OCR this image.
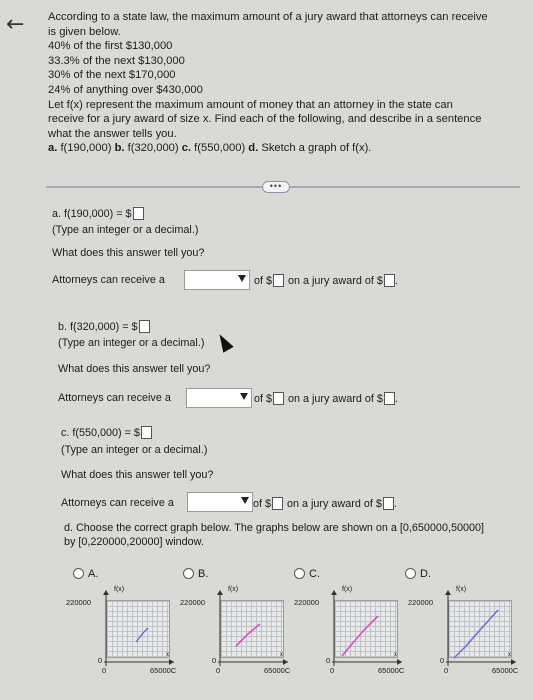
← According to a state law, the maximum amount of a jury award that attorneys can receive
is given below.
40% of the first $130,000
33.3% of the next $130,000
30% of the next $170,000
24% of anything over $430,000
Let f(x) represent the maximum amount of money that an attorney in the state can
receive for a jury award of size x. Find each of the following, and describe in a sentence
what the answer tells you.
a. f(190,000) b. f(320,000) c. f(550,000) d. Sketch a graph of f(x).
•••
a. f(190,000) = $
(Type an integer or a decimal.)
What does this answer tell you?
Attorneys can receive a	of $ on a jury award of $ .
b. f(320,000) = $
(Type an integer or a decimal.)
What does this answer tell you?
Attorneys can receive a	of $ on a jury award of $ .
c. f(550,000) = $
(Type an integer or a decimal.)
What does this answer tell you?
Attorneys can receive a	of $ on a jury award of $ .
d. Choose the correct graph below. The graphs below are shown on a [0,650000,50000]
by [0,220000,20000] window.
A.	B.	C.	D.
f(x)
220000
0
0	65000C
x
f(x)
220000
0
0	65000C
x
f(x)
220000
0
0	65000C
x
f(x)
220000
0
0	65000C
x
